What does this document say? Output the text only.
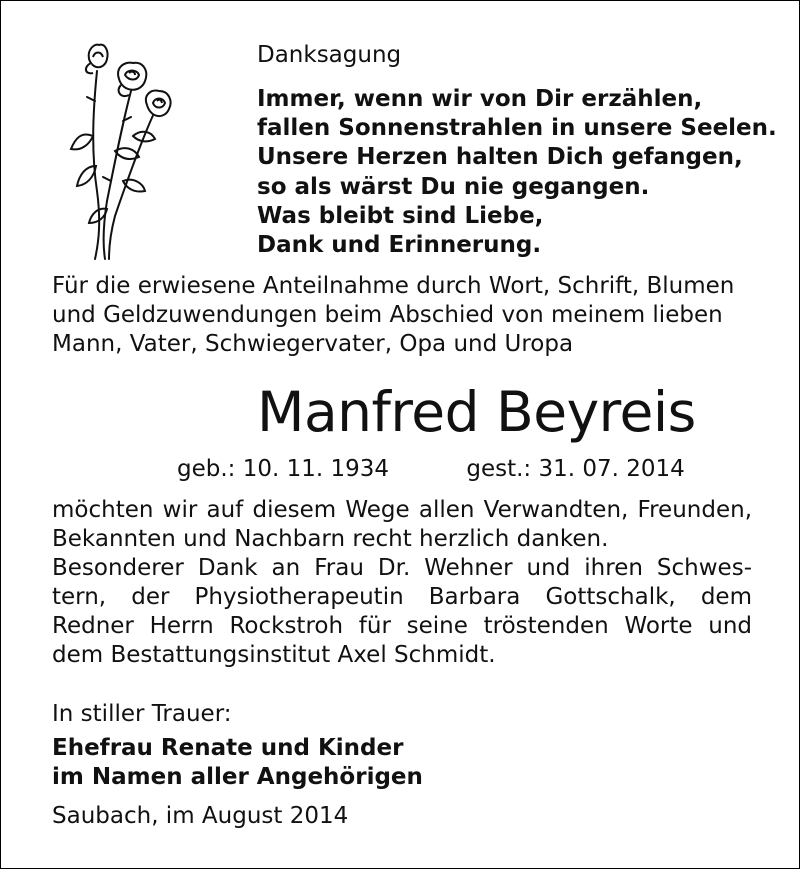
Danksagung
Immer, wenn wir von Dir erzählen,
fallen Sonnenstrahlen in unsere Seelen.
Unsere Herzen halten Dich gefangen,
so als wärst Du nie gegangen.
Was bleibt sind Liebe,
Dank und Erinnerung.
Für die erwiesene Anteilnahme durch Wort, Schrift, Blumen
und Geldzuwendungen beim Abschied von meinem lieben
Mann, Vater, Schwiegervater, Opa und Uropa
Manfred Beyreis
geb.: 10. 11. 1934	gest.: 31. 07. 2014
möchten wir auf diesem Wege allen Verwandten, Freunden,
Bekannten und Nachbarn recht herzlich danken.
Besonderer Dank an Frau Dr. Wehner und ihren Schwes-
tern, der Physiotherapeutin Barbara Gottschalk, dem
Redner Herrn Rockstroh für seine tröstenden Worte und
dem Bestattungsinstitut Axel Schmidt.
In stiller Trauer:
Ehefrau Renate und Kinder
im Namen aller Angehörigen
Saubach, im August 2014
